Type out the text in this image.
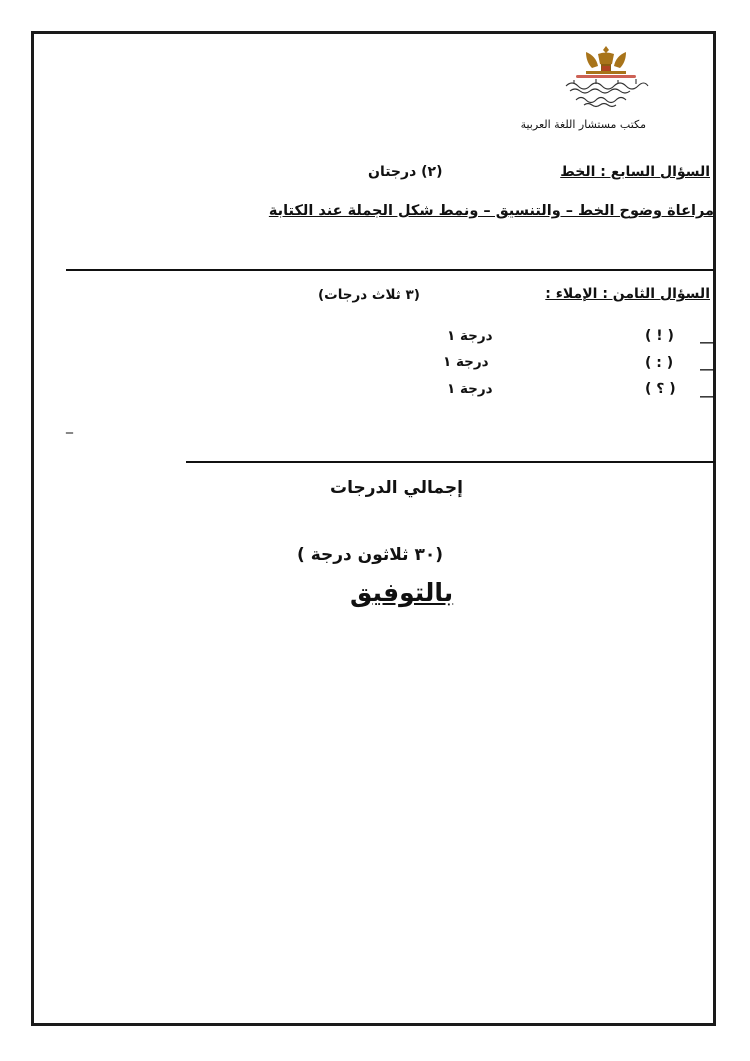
مكتب مستشار اللغة العربية
السؤال السابع : الخط
(٢) درجتان
مراعاة وضوح الخط – والتنسيق – ونمط شكل الجملة عند الكتابة
السؤال الثامن : الإملاء :
(٣ ثلاث درجات)
__
( ! )
درجة ١
__
( : )
درجة ١
__
( ؟ )
درجة ١
_
إجمالي الدرجات
(٣٠ ثلاثون درجة )
بالتوفيق
